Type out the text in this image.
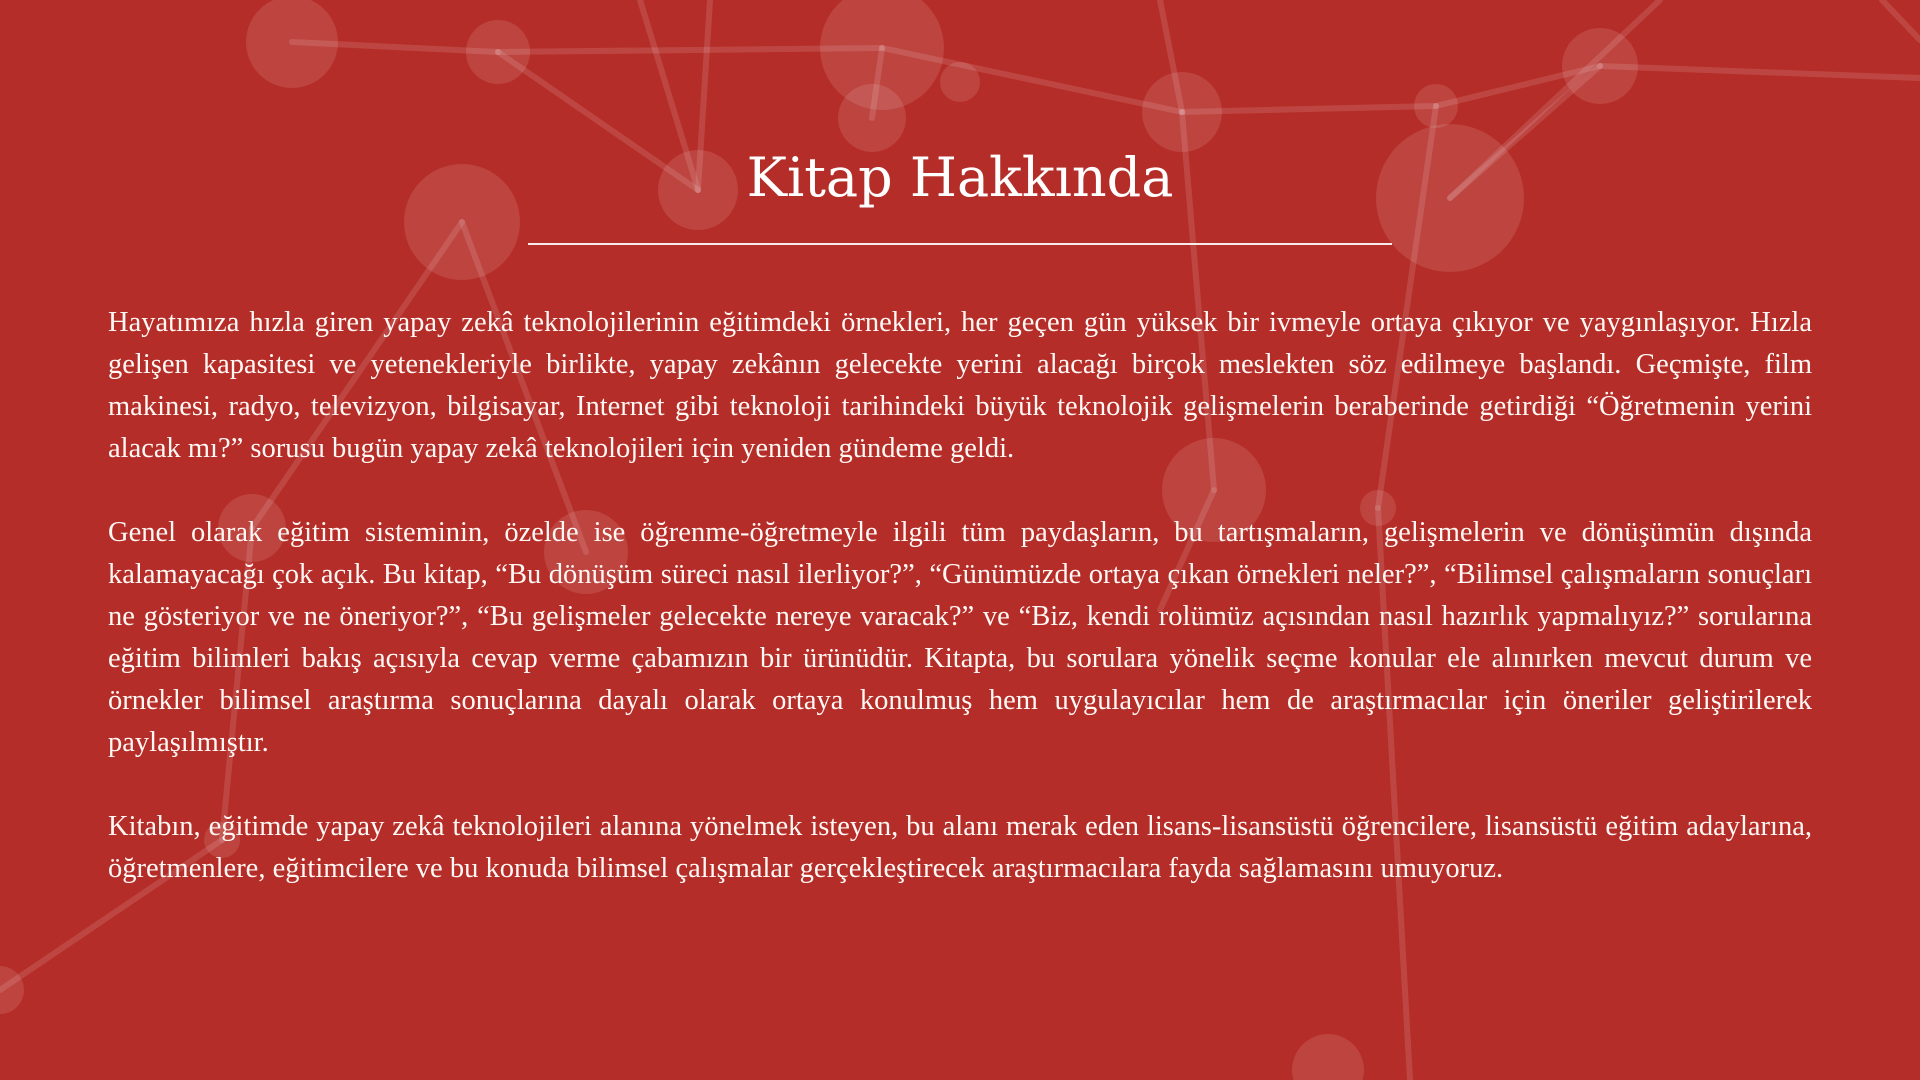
Kitap Hakkında

Hayatımıza hızla giren yapay zekâ teknolojilerinin eğitimdeki örnekleri, her geçen gün yüksek bir ivmeyle ortaya çıkıyor ve yaygınlaşıyor. Hızla gelişen kapasitesi ve yetenekleriyle birlikte, yapay zekânın gelecekte yerini alacağı birçok meslekten söz edilmeye başlandı. Geçmişte, film makinesi, radyo, televizyon, bilgisayar, Internet gibi teknoloji tarihindeki büyük teknolojik gelişmelerin beraberinde getirdiği “Öğretmenin yerini alacak mı?” sorusu bugün yapay zekâ teknolojileri için yeniden gündeme geldi.

Genel olarak eğitim sisteminin, özelde ise öğrenme-öğretmeyle ilgili tüm paydaşların, bu tartışmaların, gelişmelerin ve dönüşümün dışında kalamayacağı çok açık. Bu kitap, “Bu dönüşüm süreci nasıl ilerliyor?”, “Günümüzde ortaya çıkan örnekleri neler?”, “Bilimsel çalışmaların sonuçları ne gösteriyor ve ne öneriyor?”, “Bu gelişmeler gelecekte nereye varacak?” ve “Biz, kendi rolümüz açısından nasıl hazırlık yapmalıyız?” sorularına eğitim bilimleri bakış açısıyla cevap verme çabamızın bir ürünüdür. Kitapta, bu sorulara yönelik seçme konular ele alınırken mevcut durum ve örnekler bilimsel araştırma sonuçlarına dayalı olarak ortaya konulmuş hem uygulayıcılar hem de araştırmacılar için öneriler geliştirilerek paylaşılmıştır.

Kitabın, eğitimde yapay zekâ teknolojileri alanına yönelmek isteyen, bu alanı merak eden lisans-lisansüstü öğrencilere, lisansüstü eğitim adaylarına, öğretmenlere, eğitimcilere ve bu konuda bilimsel çalışmalar gerçekleştirecek araştırmacılara fayda sağlamasını umuyoruz.
